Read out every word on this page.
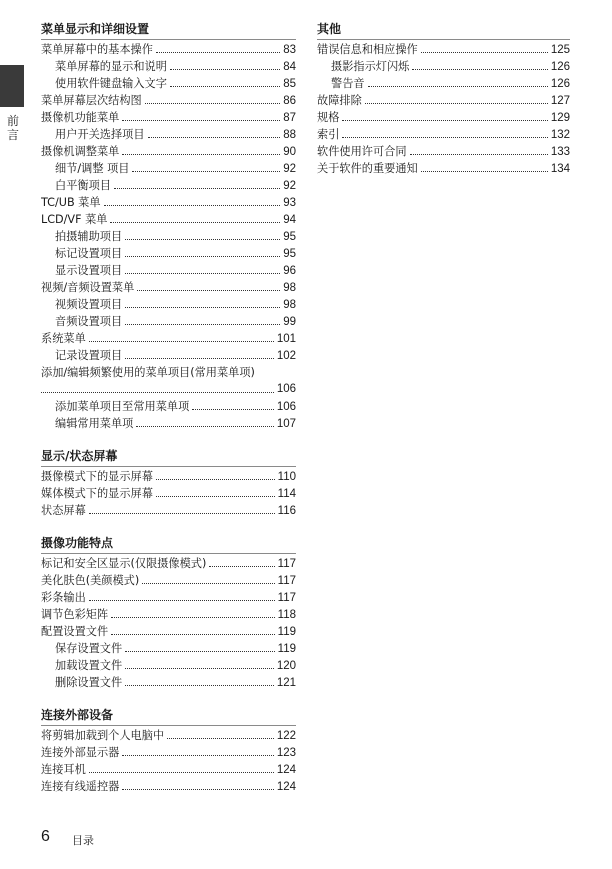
前言
菜单显示和详细设置
菜单屏幕中的基本操作	83
菜单屏幕的显示和说明	84
使用软件键盘输入文字	85
菜单屏幕层次结构图	86
摄像机功能菜单	87
用户开关选择项目	88
摄像机调整菜单	90
细节/调整 项目	92
白平衡项目	92
TC/UB 菜单	93
LCD/VF 菜单	94
拍摄辅助项目	95
标记设置项目	95
显示设置项目	96
视频/音频设置菜单	98
视频设置项目	98
音频设置项目	99
系统菜单	101
记录设置项目	102
添加/编辑频繁使用的菜单项目(常用菜单项)
106
添加菜单项目至常用菜单项	106
编辑常用菜单项	107
显示/状态屏幕
摄像模式下的显示屏幕	110
媒体模式下的显示屏幕	114
状态屏幕	116
摄像功能特点
标记和安全区显示(仅限摄像模式)	117
美化肤色(美颜模式)	117
彩条输出	117
调节色彩矩阵	118
配置设置文件	119
保存设置文件	119
加载设置文件	120
删除设置文件	121
连接外部设备
将剪辑加载到个人电脑中	122
连接外部显示器	123
连接耳机	124
连接有线遥控器	124
其他
错误信息和相应操作	125
摄影指示灯闪烁	126
警告音	126
故障排除	127
规格	129
索引	132
软件使用许可合同	133
关于软件的重要通知	134
6 目录
